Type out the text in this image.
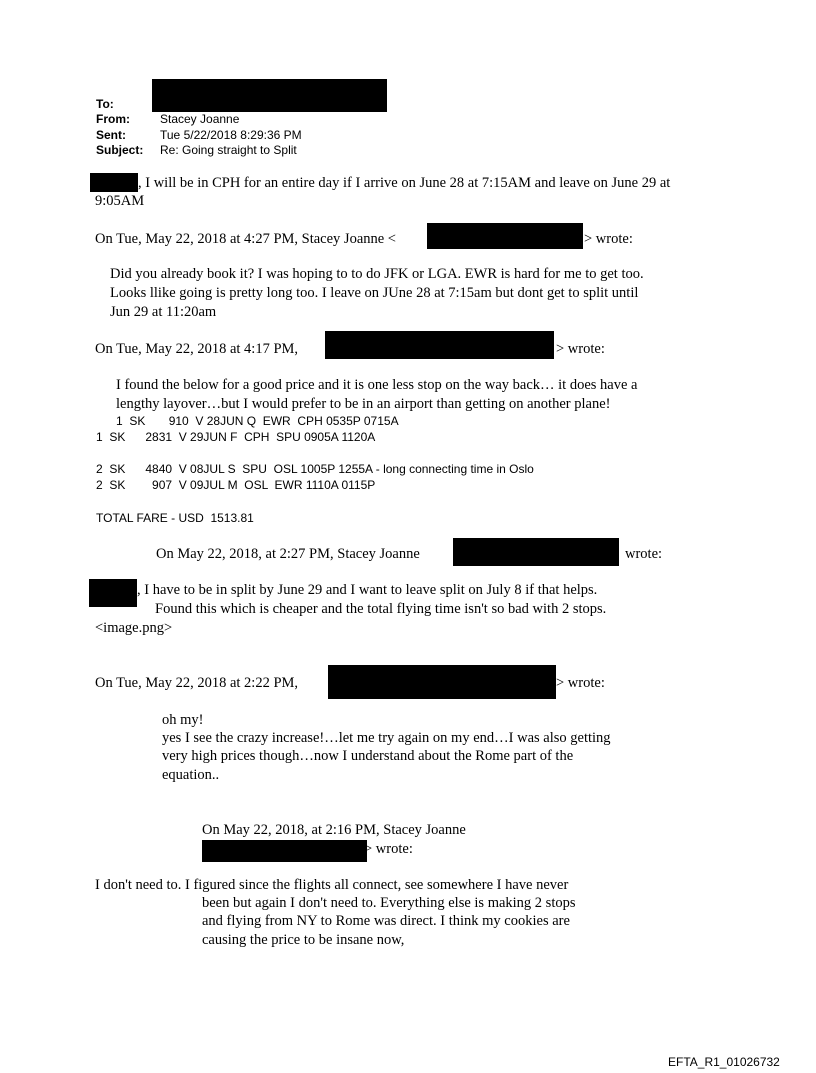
To:
From:	Stacey Joanne
Sent:	Tue 5/22/2018 8:29:36 PM
Subject: Re: Going straight to Split
, I will be in CPH for an entire day if I arrive on June 28 at 7:15AM and leave on June 29 at
9:05AM
On Tue, May 22, 2018 at 4:27 PM, Stacey Joanne <	> wrote:
Did you already book it? I was hoping to to do JFK or LGA. EWR is hard for me to get too.
Looks llike going is pretty long too. I leave on JUne 28 at 7:15am but dont get to split until
Jun 29 at 11:20am
On Tue, May 22, 2018 at 4:17 PM,	> wrote:
I found the below for a good price and it is one less stop on the way back… it does have a
lengthy layover…but I would prefer to be in an airport than getting on another plane!
1  SK       910  V 28JUN Q  EWR  CPH 0535P 0715A
1  SK      2831  V 29JUN F  CPH  SPU 0905A 1120A
2  SK      4840  V 08JUL S  SPU  OSL 1005P 1255A - long connecting time in Oslo
2  SK        907  V 09JUL M  OSL  EWR 1110A 0115P
TOTAL FARE - USD  1513.81
On May 22, 2018, at 2:27 PM, Stacey Joanne	wrote:
, I have to be in split by June 29 and I want to leave split on July 8 if that helps.
Found this which is cheaper and the total flying time isn't so bad with 2 stops.
<image.png>
On Tue, May 22, 2018 at 2:22 PM,	> wrote:
oh my!
yes I see the crazy increase!…let me try again on my end…I was also getting
very high prices though…now I understand about the Rome part of the
equation..
On May 22, 2018, at 2:16 PM, Stacey Joanne
> wrote:
I don't need to. I figured since the flights all connect, see somewhere I have never
been but again I don't need to. Everything else is making 2 stops
and flying from NY to Rome was direct. I think my cookies are
causing the price to be insane now,
EFTA_R1_01026732
